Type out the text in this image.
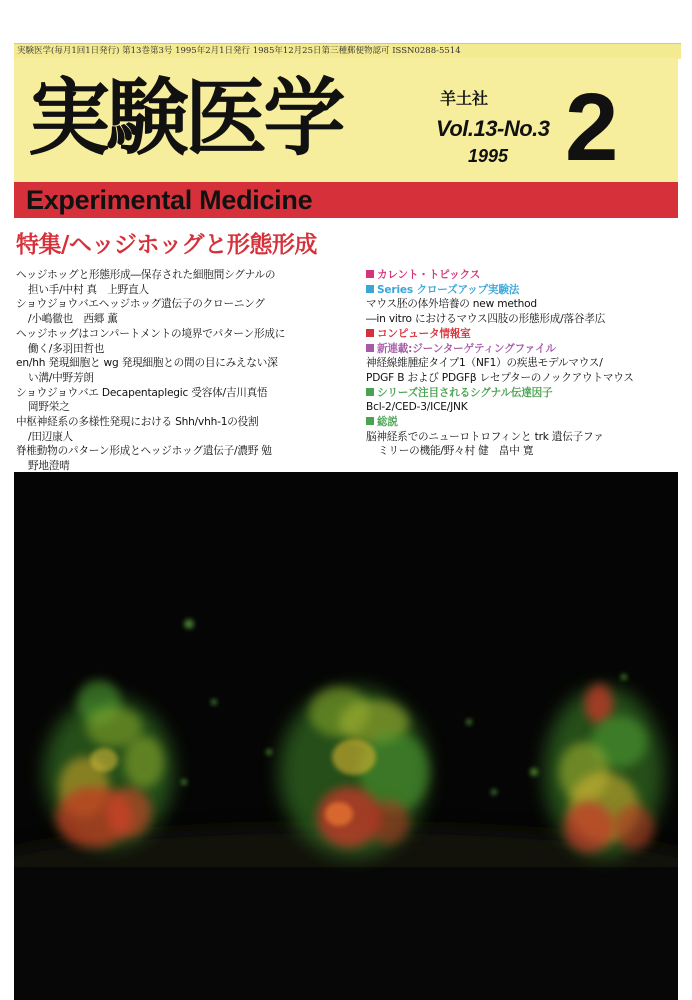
実験医学(毎月1回1日発行) 第13巻第3号 1995年2月1日発行 1985年12月25日第三種郵便物認可 ISSN0288-5514
実験医学	羊土社
Vol.13-No.3
1995 2
Experimental Medicine
特集/ヘッジホッグと形態形成
ヘッジホッグと形態形成―保存された細胞間シグナルの
担い手/中村 真　上野直人
ショウジョウバエヘッジホッグ遺伝子のクローニング
/小嶋徹也　西郷 薫
ヘッジホッグはコンパートメントの境界でパターン形成に
働く/多羽田哲也
en/hh 発現細胞と wg 発現細胞との間の目にみえない深
い溝/中野芳朗
ショウジョウバエ Decapentaplegic 受容体/吉川真悟
岡野栄之
中枢神経系の多様性発現における Shh/vhh-1の役割
/田辺康人
脊椎動物のパターン形成とヘッジホッグ遺伝子/濃野 勉
野地澄晴
カレント・トピックス
Series クローズアップ実験法
マウス胚の体外培養の new method
―in vitro におけるマウス四肢の形態形成/落谷孝広
コンピュータ情報室
新連載:ジーンターゲティングファイル
神経線維腫症タイプ1（NF1）の疾患モデルマウス/
PDGF B および PDGFβ レセプターのノックアウトマウス
シリーズ注目されるシグナル伝達因子
Bcl-2/CED-3/ICE/JNK
総説
脳神経系でのニューロトロフィンと trk 遺伝子ファ
ミリーの機能/野々村 健　畠中 寛
